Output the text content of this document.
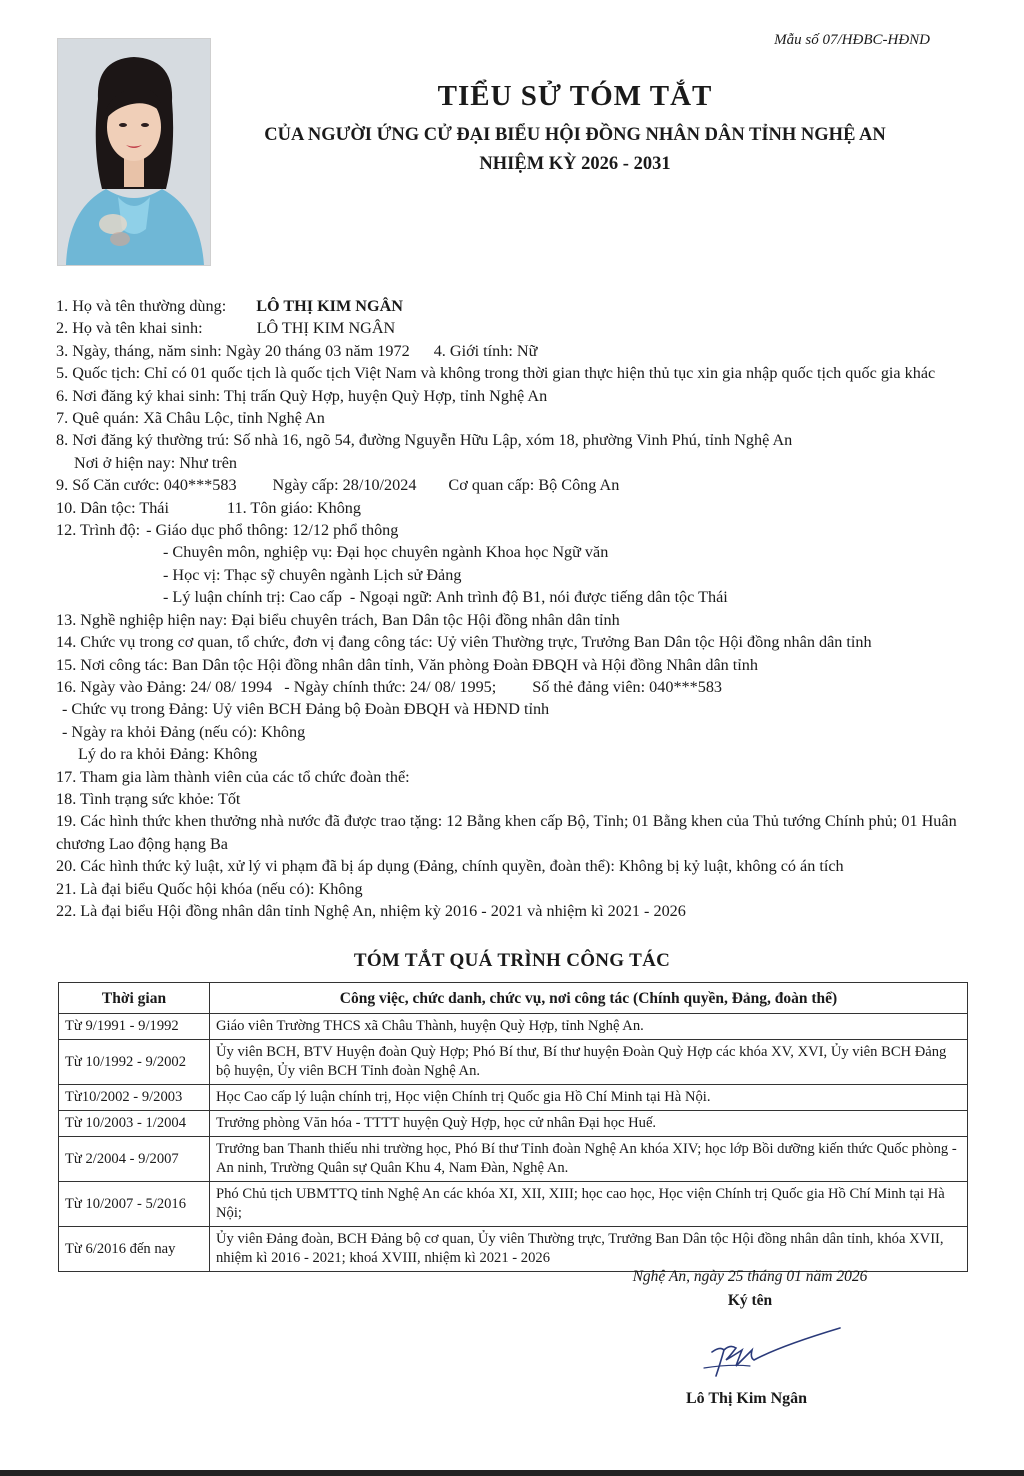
Mẫu số 07/HĐBC-HĐND
TIỂU SỬ TÓM TẮT
CỦA NGƯỜI ỨNG CỬ ĐẠI BIỂU HỘI ĐỒNG NHÂN DÂN TỈNH NGHỆ AN
NHIỆM KỲ 2026 - 2031
1. Họ và tên thường dùng: LÔ THỊ KIM NGÂN
2. Họ và tên khai sinh:	LÔ THỊ KIM NGÂN
3. Ngày, tháng, năm sinh: Ngày 20 tháng 03 năm 1972 4. Giới tính: Nữ
5. Quốc tịch: Chỉ có 01 quốc tịch là quốc tịch Việt Nam và không trong thời gian thực hiện thủ tục xin gia nhập quốc tịch quốc gia khác
6. Nơi đăng ký khai sinh: Thị trấn Quỳ Hợp, huyện Quỳ Hợp, tỉnh Nghệ An
7. Quê quán: Xã Châu Lộc, tỉnh Nghệ An
8. Nơi đăng ký thường trú: Số nhà 16, ngõ 54, đường Nguyễn Hữu Lập, xóm 18, phường Vinh Phú, tỉnh Nghệ An
Nơi ở hiện nay: Như trên
9. Số Căn cước: 040***583 Ngày cấp: 28/10/2024 Cơ quan cấp: Bộ Công An
10. Dân tộc: Thái	11. Tôn giáo: Không
12. Trình độ: - Giáo dục phổ thông: 12/12 phổ thông
- Chuyên môn, nghiệp vụ: Đại học chuyên ngành Khoa học Ngữ văn
- Học vị: Thạc sỹ chuyên ngành Lịch sử Đảng
- Lý luận chính trị: Cao cấp - Ngoại ngữ: Anh trình độ B1, nói được tiếng dân tộc Thái
13. Nghề nghiệp hiện nay: Đại biểu chuyên trách, Ban Dân tộc Hội đồng nhân dân tỉnh
14. Chức vụ trong cơ quan, tổ chức, đơn vị đang công tác: Uỷ viên Thường trực, Trưởng Ban Dân tộc Hội đồng nhân dân tỉnh
15. Nơi công tác: Ban Dân tộc Hội đồng nhân dân tỉnh, Văn phòng Đoàn ĐBQH và Hội đồng Nhân dân tỉnh
16. Ngày vào Đảng: 24/ 08/ 1994 - Ngày chính thức: 24/ 08/ 1995; Số thẻ đảng viên: 040***583
- Chức vụ trong Đảng: Uỷ viên BCH Đảng bộ Đoàn ĐBQH và HĐND tỉnh
- Ngày ra khỏi Đảng (nếu có): Không
Lý do ra khỏi Đảng: Không
17. Tham gia làm thành viên của các tổ chức đoàn thể:
18. Tình trạng sức khỏe: Tốt
19. Các hình thức khen thưởng nhà nước đã được trao tặng: 12 Bằng khen cấp Bộ, Tỉnh; 01 Bằng khen của Thủ tướng Chính phủ; 01 Huân chương Lao động hạng Ba
20. Các hình thức kỷ luật, xử lý vi phạm đã bị áp dụng (Đảng, chính quyền, đoàn thể): Không bị kỷ luật, không có án tích
21. Là đại biểu Quốc hội khóa (nếu có): Không
22. Là đại biểu Hội đồng nhân dân tỉnh Nghệ An, nhiệm kỳ 2016 - 2021 và nhiệm kì 2021 - 2026
TÓM TẮT QUÁ TRÌNH CÔNG TÁC
Thời gian	Công việc, chức danh, chức vụ, nơi công tác (Chính quyền, Đảng, đoàn thể)
Từ 9/1991 - 9/1992	Giáo viên Trường THCS xã Châu Thành, huyện Quỳ Hợp, tỉnh Nghệ An.
Từ 10/1992 - 9/2002	Ủy viên BCH, BTV Huyện đoàn Quỳ Hợp; Phó Bí thư, Bí thư huyện Đoàn Quỳ Hợp các khóa XV, XVI, Ủy viên BCH Đảng bộ huyện, Ủy viên BCH Tỉnh đoàn Nghệ An.
Từ10/2002 - 9/2003	Học Cao cấp lý luận chính trị, Học viện Chính trị Quốc gia Hồ Chí Minh tại Hà Nội.
Từ 10/2003 - 1/2004	Trưởng phòng Văn hóa - TTTT huyện Quỳ Hợp, học cử nhân Đại học Huế.
Từ 2/2004 - 9/2007	Trưởng ban Thanh thiếu nhi trường học, Phó Bí thư Tỉnh đoàn Nghệ An khóa XIV; học lớp Bồi dưỡng kiến thức Quốc phòng - An ninh, Trường Quân sự Quân Khu 4, Nam Đàn, Nghệ An.
Từ 10/2007 - 5/2016	Phó Chủ tịch UBMTTQ tỉnh Nghệ An các khóa XI, XII, XIII; học cao học, Học viện Chính trị Quốc gia Hồ Chí Minh tại Hà Nội;
Từ 6/2016 đến nay	Ủy viên Đảng đoàn, BCH Đảng bộ cơ quan, Ủy viên Thường trực, Trưởng Ban Dân tộc Hội đồng nhân dân tỉnh, khóa XVII, nhiệm kì 2016 - 2021; khoá XVIII, nhiệm kì 2021 - 2026
Nghệ An, ngày 25 tháng 01 năm 2026
Ký tên
Lô Thị Kim Ngân
